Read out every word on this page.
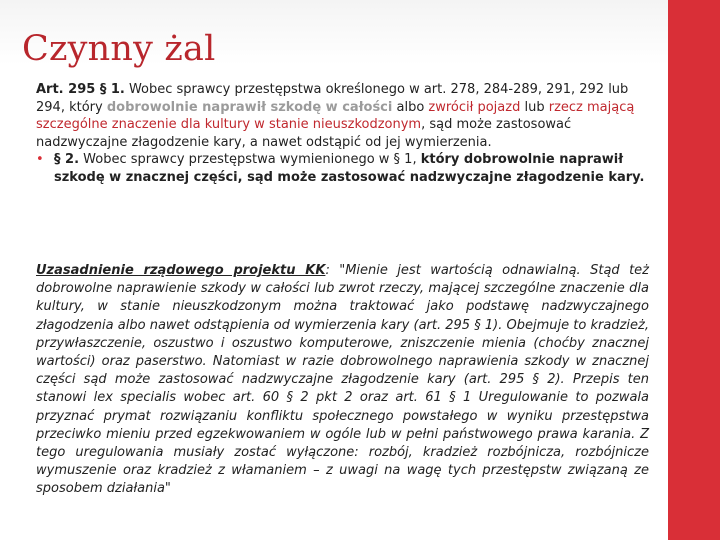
Czynny żal

Art. 295 § 1. Wobec sprawcy przestępstwa określonego w art. 278, 284-289, 291, 292 lub 294, który dobrowolnie naprawił szkodę w całości albo zwrócił pojazd lub rzecz mającą szczególne znaczenie dla kultury w stanie nieuszkodzonym, sąd może zastosować nadzwyczajne złagodzenie kary, a nawet odstąpić od jej wymierzenia.

• § 2. Wobec sprawcy przestępstwa wymienionego w § 1, który dobrowolnie naprawił szkodę w znacznej części, sąd może zastosować nadzwyczajne złagodzenie kary.

Uzasadnienie rządowego projektu KK: "Mienie jest wartością odnawialną. Stąd też dobrowolne naprawienie szkody w całości lub zwrot rzeczy, mającej szczególne znaczenie dla kultury, w stanie nieuszkodzonym można traktować jako podstawę nadzwyczajnego złagodzenia albo nawet odstąpienia od wymierzenia kary (art. 295 § 1). Obejmuje to kradzież, przywłaszczenie, oszustwo i oszustwo komputerowe, zniszczenie mienia (choćby znacznej wartości) oraz paserstwo. Natomiast w razie dobrowolnego naprawienia szkody w znacznej części sąd może zastosować nadzwyczajne złagodzenie kary (art. 295 § 2). Przepis ten stanowi lex specialis wobec art. 60 § 2 pkt 2 oraz art. 61 § 1 Uregulowanie to pozwala przyznać prymat rozwiązaniu konfliktu społecznego powstałego w wyniku przestępstwa przeciwko mieniu przed egzekwowaniem w ogóle lub w pełni państwowego prawa karania. Z tego uregulowania musiały zostać wyłączone: rozbój, kradzież rozbójnicza, rozbójnicze wymuszenie oraz kradzież z włamaniem – z uwagi na wagę tych przestępstw związaną ze sposobem działania"
